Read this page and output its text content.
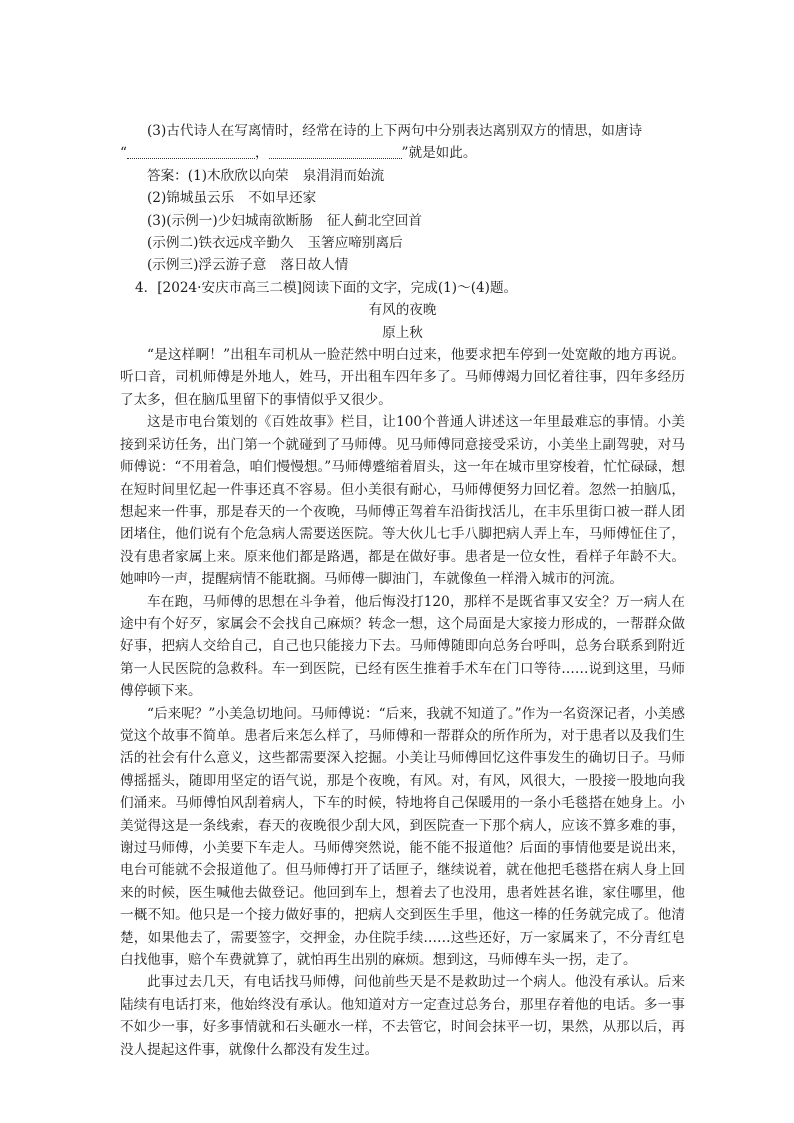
(3)古代诗人在写离情时，经常在诗的上下两句中分别表达离别双方的情思，如唐诗

“	，	”就是如此。

答案：(1)木欣欣以向荣 泉涓涓而始流

(2)锦城虽云乐 不如早还家

(3)(示例一)少妇城南欲断肠 征人蓟北空回首

(示例二)铁衣远戍辛勤久 玉箸应啼别离后

(示例三)浮云游子意 落日故人情

4．[2024·安庆市高三二模]阅读下面的文字，完成(1)～(4)题。

有风的夜晚

原上秋

“是这样啊！”出租车司机从一脸茫然中明白过来，他要求把车停到一处宽敞的地方再说。听口音，司机师傅是外地人，姓马，开出租车四年多了。马师傅竭力回忆着往事，四年多经历了太多，但在脑瓜里留下的事情似乎又很少。

这是市电台策划的《百姓故事》栏目，让100个普通人讲述这一年里最难忘的事情。小美接到采访任务，出门第一个就碰到了马师傅。见马师傅同意接受采访，小美坐上副驾驶，对马师傅说：“不用着急，咱们慢慢想。”马师傅蹙缩着眉头，这一年在城市里穿梭着，忙忙碌碌，想在短时间里忆起一件事还真不容易。但小美很有耐心，马师傅便努力回忆着。忽然一拍脑瓜，想起来一件事，那是春天的一个夜晚，马师傅正驾着车沿街找活儿，在丰乐里街口被一群人团团堵住，他们说有个危急病人需要送医院。等大伙儿七手八脚把病人弄上车，马师傅怔住了，没有患者家属上来。原来他们都是路遇，都是在做好事。患者是一位女性，看样子年龄不大。她呻吟一声，提醒病情不能耽搁。马师傅一脚油门，车就像鱼一样滑入城市的河流。

车在跑，马师傅的思想在斗争着，他后悔没打120，那样不是既省事又安全？万一病人在途中有个好歹，家属会不会找自己麻烦？转念一想，这个局面是大家接力形成的，一帮群众做好事，把病人交给自己，自己也只能接力下去。马师傅随即向总务台呼叫，总务台联系到附近第一人民医院的急救科。车一到医院，已经有医生推着手术车在门口等待……说到这里，马师傅停顿下来。

“后来呢？”小美急切地问。马师傅说：“后来，我就不知道了。”作为一名资深记者，小美感觉这个故事不简单。患者后来怎么样了，马师傅和一帮群众的所作所为，对于患者以及我们生活的社会有什么意义，这些都需要深入挖掘。小美让马师傅回忆这件事发生的确切日子。马师傅摇摇头，随即用坚定的语气说，那是个夜晚，有风。对，有风，风很大，一股接一股地向我们涌来。马师傅怕风刮着病人，下车的时候，特地将自己保暖用的一条小毛毯搭在她身上。小美觉得这是一条线索，春天的夜晚很少刮大风，到医院查一下那个病人，应该不算多难的事，谢过马师傅，小美要下车走人。马师傅突然说，能不能不报道他？后面的事情他要是说出来，电台可能就不会报道他了。但马师傅打开了话匣子，继续说着，就在他把毛毯搭在病人身上回来的时候，医生喊他去做登记。他回到车上，想着去了也没用，患者姓甚名谁，家住哪里，他一概不知。他只是一个接力做好事的，把病人交到医生手里，他这一棒的任务就完成了。他清楚，如果他去了，需要签字，交押金，办住院手续……这些还好，万一家属来了，不分青红皂白找他事，赔个车费就算了，就怕再生出别的麻烦。想到这，马师傅车头一拐，走了。

此事过去几天，有电话找马师傅，问他前些天是不是救助过一个病人。他没有承认。后来陆续有电话打来，他始终没有承认。他知道对方一定查过总务台，那里存着他的电话。多一事不如少一事，好多事情就和石头砸水一样，不去管它，时间会抹平一切，果然，从那以后，再没人提起这件事，就像什么都没有发生过。
